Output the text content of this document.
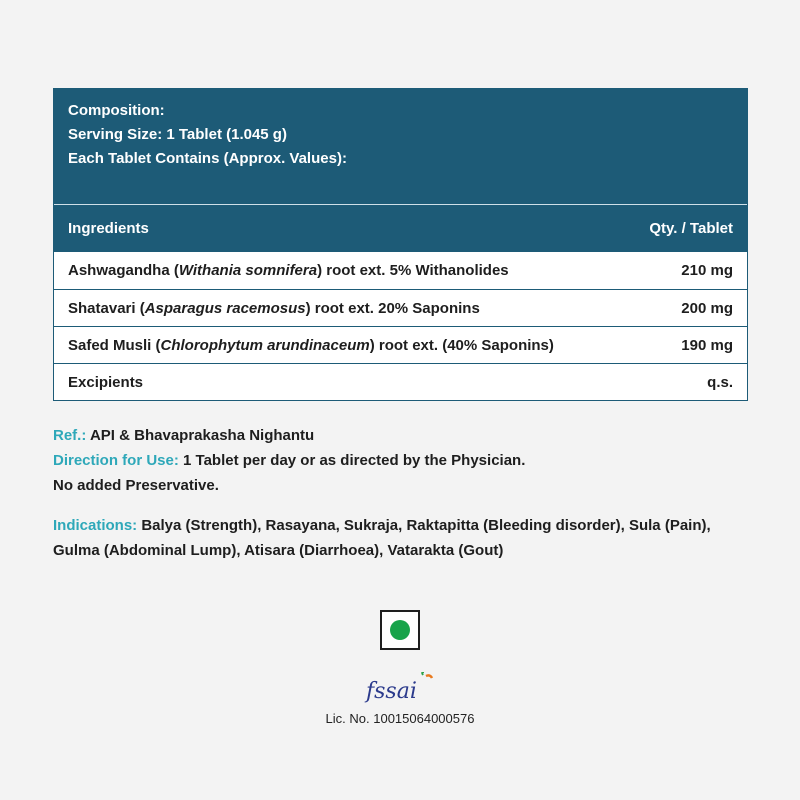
Composition:
Serving Size: 1 Tablet (1.045 g)
Each Tablet Contains (Approx. Values):
Ingredients	Qty. / Tablet
Ashwagandha (Withania somnifera) root ext. 5% Withanolides	210 mg
Shatavari (Asparagus racemosus) root ext. 20% Saponins	200 mg
Safed Musli (Chlorophytum arundinaceum) root ext. (40% Saponins)	190 mg
Excipients	q.s.
Ref.: API & Bhavaprakasha Nighantu
Direction for Use: 1 Tablet per day or as directed by the Physician.
No added Preservative.
Indications: Balya (Strength), Rasayana, Sukraja, Raktapitta (Bleeding disorder), Sula (Pain), Gulma (Abdominal Lump), Atisara (Diarrhoea), Vatarakta (Gout)
fssai
Lic. No. 10015064000576
